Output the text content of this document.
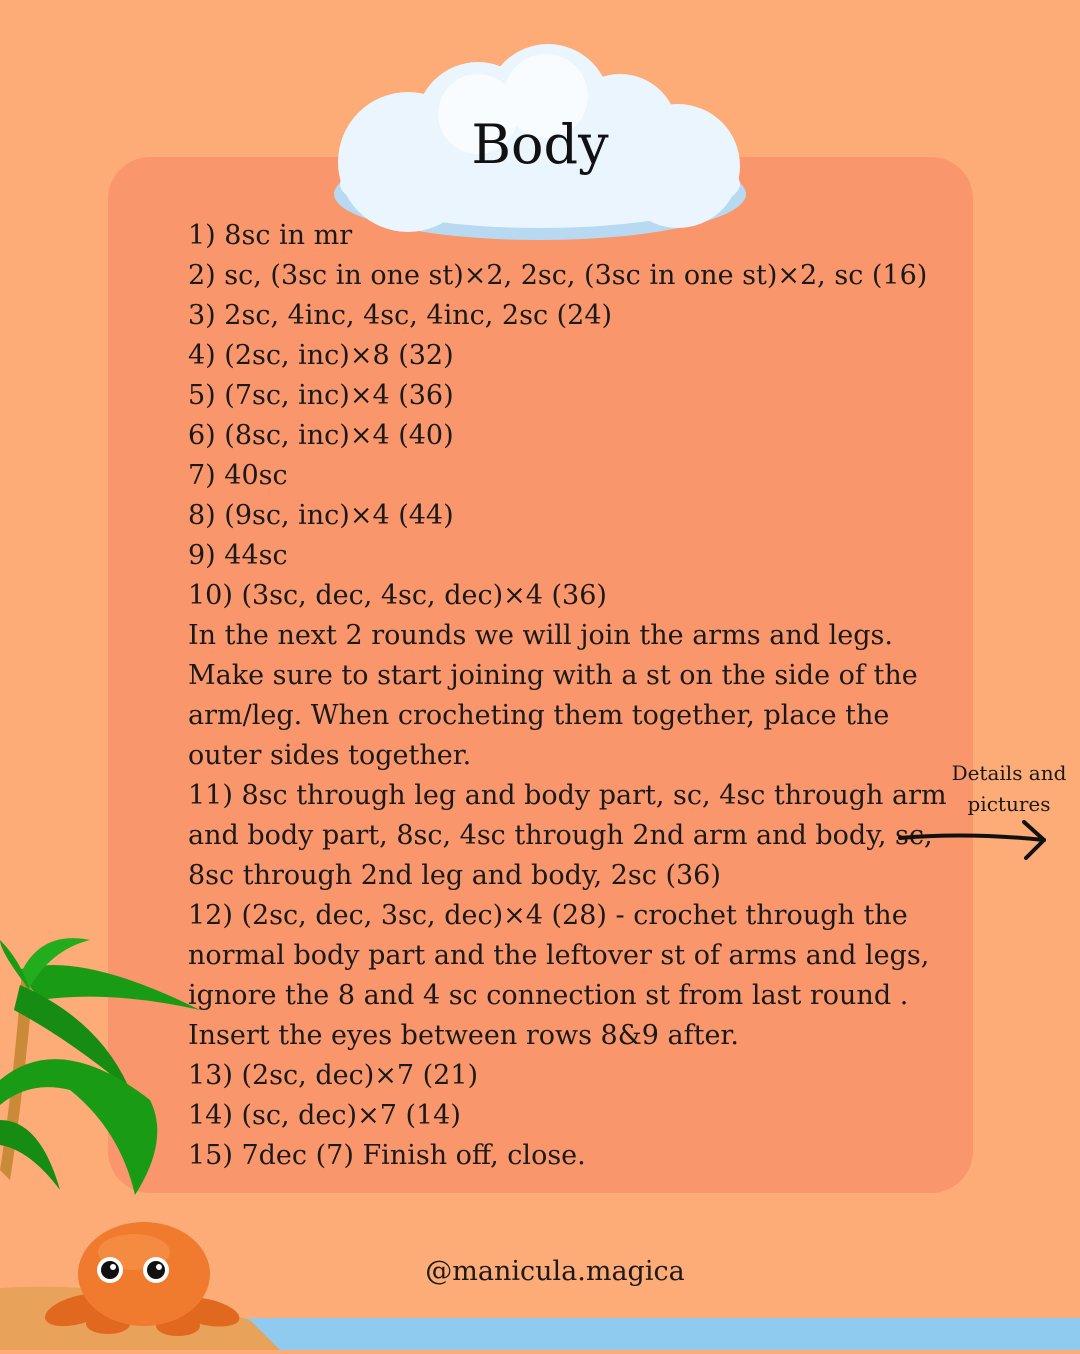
Body
1) 8sc in mr
2) sc, (3sc in one st)×2, 2sc, (3sc in one st)×2, sc (16)
3) 2sc, 4inc, 4sc, 4inc, 2sc (24)
4) (2sc, inc)×8 (32)
5) (7sc, inc)×4 (36)
6) (8sc, inc)×4 (40)
7) 40sc
8) (9sc, inc)×4 (44)
9) 44sc
10) (3sc, dec, 4sc, dec)×4 (36)
In the next 2 rounds we will join the arms and legs. Make sure to start joining with a st on the side of the arm/leg. When crocheting them together, place the outer sides together.
11) 8sc through leg and body part, sc, 4sc through arm and body part, 8sc, 4sc through 2nd arm and body, sc, 8sc through 2nd leg and body, 2sc (36)
12) (2sc, dec, 3sc, dec)×4 (28) - crochet through the normal body part and the leftover st of arms and legs, ignore the 8 and 4 sc connection st from last round . Insert the eyes between rows 8&9 after.
13) (2sc, dec)×7 (21)
14) (sc, dec)×7 (14)
15) 7dec (7) Finish off, close.
Details and pictures
@manicula.magica
